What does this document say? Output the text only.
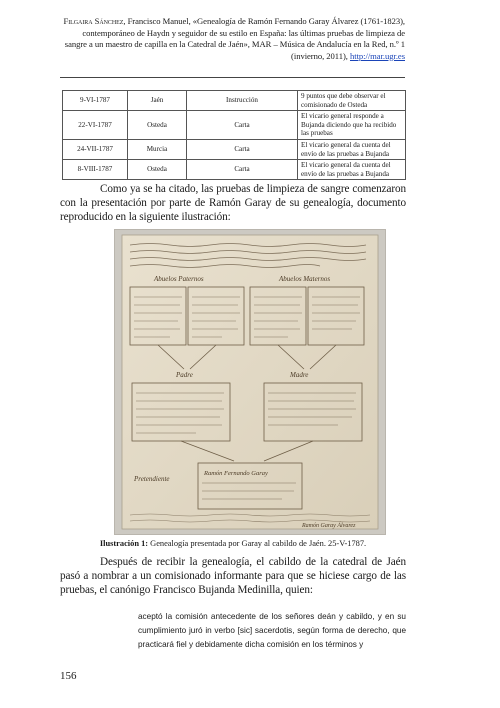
Filgaira Sánchez, Francisco Manuel, «Genealogía de Ramón Fernando Garay Álvarez (1761-1823), contemporáneo de Haydn y seguidor de su estilo en España: las últimas pruebas de limpieza de sangre a un maestro de capilla en la Catedral de Jaén», MAR – Música de Andalucía en la Red, n.º 1 (invierno, 2011), http://mar.ugr.es
9-VI-1787	Jaén	Instrucción	9 puntos que debe observar el comisionado de Osteda
22-VI-1787	Osteda	Carta	El vicario general responde a Bujanda diciendo que ha recibido las pruebas
24-VII-1787	Murcia	Carta	El vicario general da cuenta del envío de las pruebas a Bujanda
8-VIII-1787	Osteda	Carta	El vicario general da cuenta del envío de las pruebas a Bujanda
Como ya se ha citado, las pruebas de limpieza de sangre comenzaron con la presentación por parte de Ramón Garay de su genealogía, documento reproducido en la siguiente ilustración:
Abuelos Paternos	Abuelos Maternos
Padre	Madre
Pretendiente
Ramón Fernando Garay
Ramón Garay Álvarez
Ilustración 1: Genealogía presentada por Garay al cabildo de Jaén. 25-V-1787.
Después de recibir la genealogía, el cabildo de la catedral de Jaén pasó a nombrar a un comisionado informante para que se hiciese cargo de las pruebas, el canónigo Francisco Bujanda Medinilla, quien:
aceptó la comisión antecedente de los señores deán y cabildo, y en su cumplimiento juró in verbo [sic] sacerdotis, según forma de derecho, que practicará fiel y debidamente dicha comisión en los términos y
156
